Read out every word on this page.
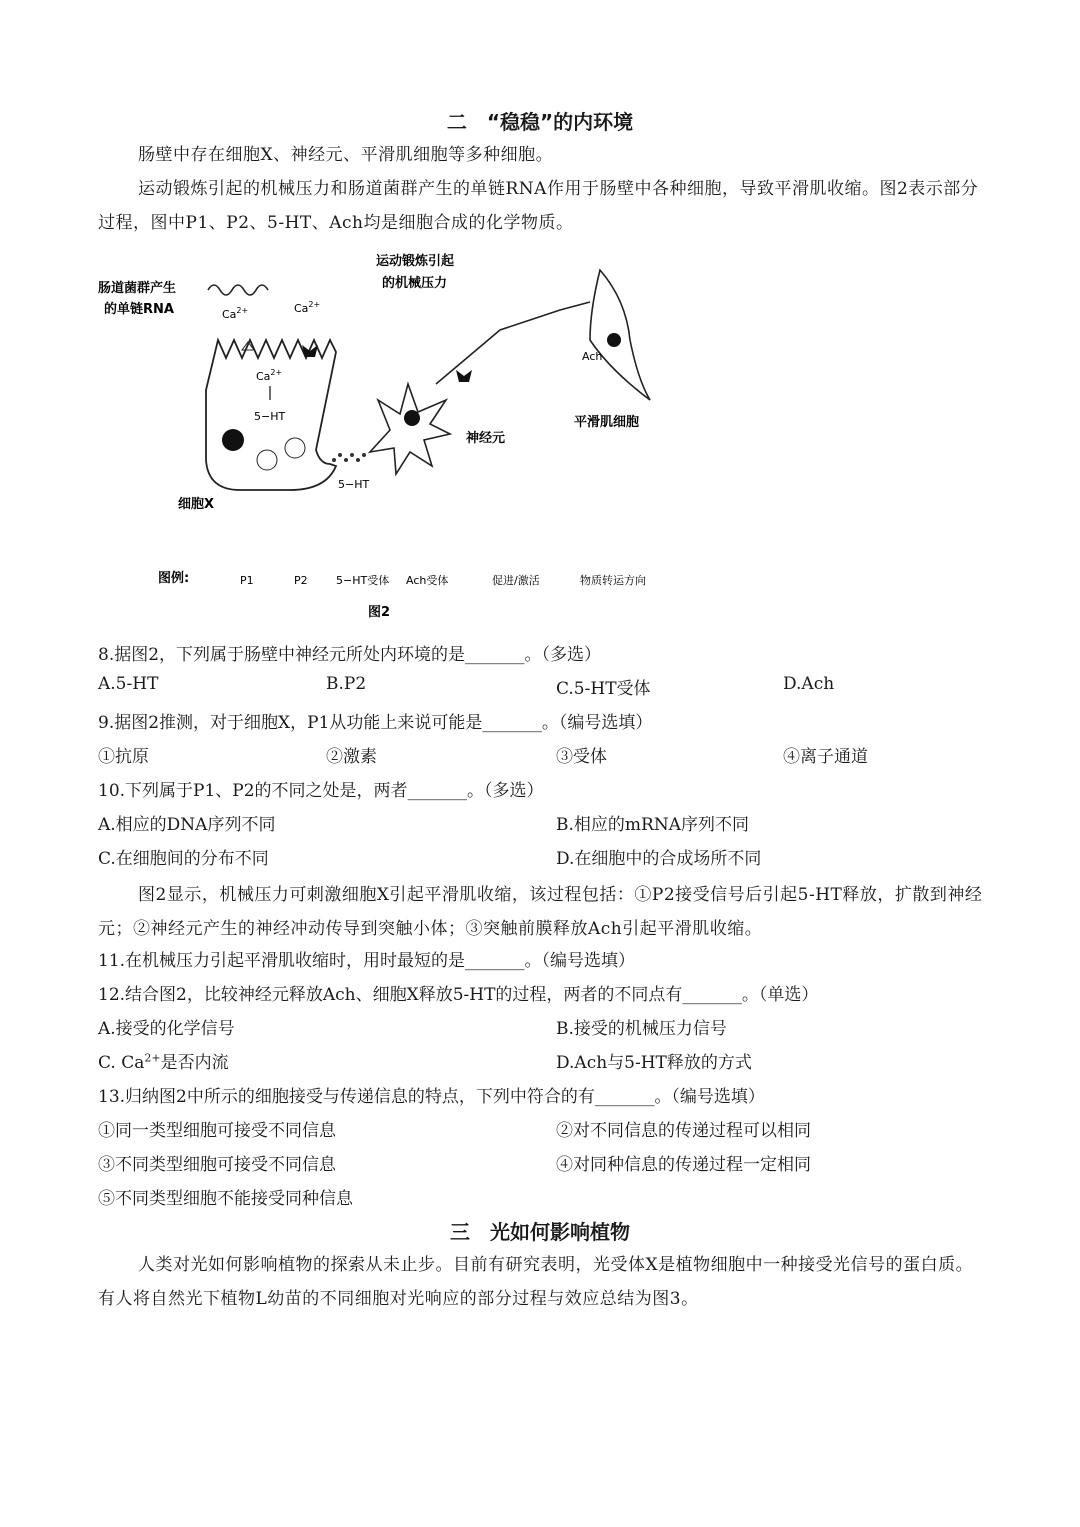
二　“稳稳”的内环境
肠壁中存在细胞X、神经元、平滑肌细胞等多种细胞。
运动锻炼引起的机械压力和肠道菌群产生的单链RNA作用于肠壁中各种细胞，导致平滑肌收缩。图2表示部分过程，图中P1、P2、5-HT、Ach均是细胞合成的化学物质。
肠道菌群产生
的单链RNA
运动锻炼引起
的机械压力
$Ca^{2+}$	$Ca^{2+}$
$Ca^{2+}$
5−HT
5−HT
细胞X
神经元
Ach
平滑肌细胞
图例:	P1	P2	5−HT受体 Ach受体	促进/激活	物质转运方向
图2
8.据图2，下列属于肠壁中神经元所处内环境的是_______。（多选）
A.5-HT	B.P2	C.5-HT受体	D.Ach
9.据图2推测，对于细胞X，P1从功能上来说可能是_______。（编号选填）
①抗原	②激素	③受体	④离子通道
10.下列属于P1、P2的不同之处是，两者_______。（多选）
A.相应的DNA序列不同	B.相应的mRNA序列不同
C.在细胞间的分布不同	D.在细胞中的合成场所不同
图2显示，机械压力可刺激细胞X引起平滑肌收缩，该过程包括：①P2接受信号后引起5-HT释放，扩散到神经元；②神经元产生的神经冲动传导到突触小体；③突触前膜释放Ach引起平滑肌收缩。
11.在机械压力引起平滑肌收缩时，用时最短的是_______。（编号选填）
12.结合图2，比较神经元释放Ach、细胞X释放5-HT的过程，两者的不同点有_______。（单选）
A.接受的化学信号	B.接受的机械压力信号
C. $Ca^{2+}$是否内流	D.Ach与5-HT释放的方式
13.归纳图2中所示的细胞接受与传递信息的特点，下列中符合的有_______。（编号选填）
①同一类型细胞可接受不同信息	②对不同信息的传递过程可以相同
③不同类型细胞可接受不同信息	④对同种信息的传递过程一定相同
⑤不同类型细胞不能接受同种信息
三　光如何影响植物
人类对光如何影响植物的探索从未止步。目前有研究表明，光受体X是植物细胞中一种接受光信号的蛋白质。有人将自然光下植物L幼苗的不同细胞对光响应的部分过程与效应总结为图3。
